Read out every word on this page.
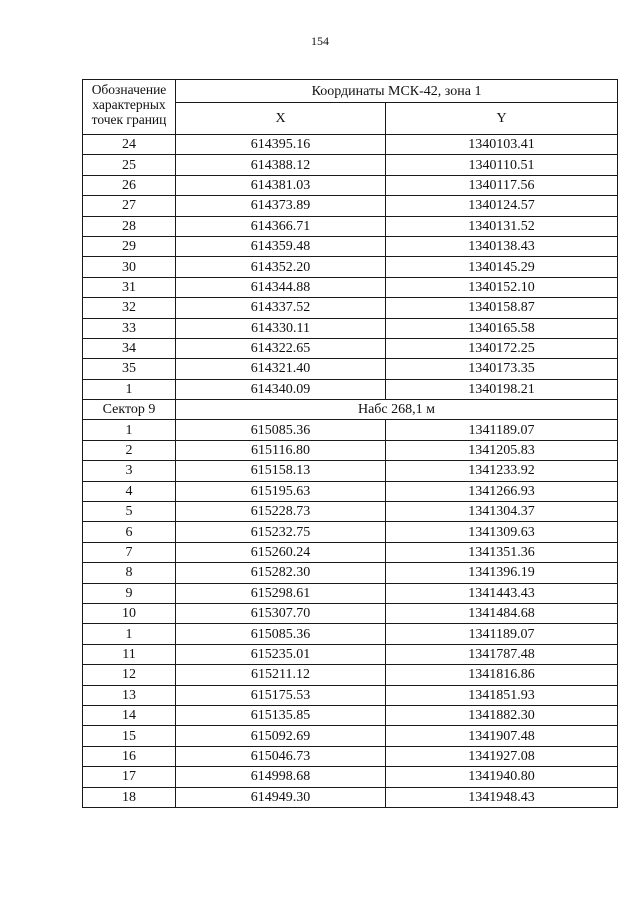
154
Обозначение характерных точек границ	Координаты МСК-42, зона 1	
	X	Y
24	614395.16	1340103.41
25	614388.12	1340110.51
26	614381.03	1340117.56
27	614373.89	1340124.57
28	614366.71	1340131.52
29	614359.48	1340138.43
30	614352.20	1340145.29
31	614344.88	1340152.10
32	614337.52	1340158.87
33	614330.11	1340165.58
34	614322.65	1340172.25
35	614321.40	1340173.35
1	614340.09	1340198.21
Сектор 9	Набс 268,1 м	
1	615085.36	1341189.07
2	615116.80	1341205.83
3	615158.13	1341233.92
4	615195.63	1341266.93
5	615228.73	1341304.37
6	615232.75	1341309.63
7	615260.24	1341351.36
8	615282.30	1341396.19
9	615298.61	1341443.43
10	615307.70	1341484.68
1	615085.36	1341189.07
11	615235.01	1341787.48
12	615211.12	1341816.86
13	615175.53	1341851.93
14	615135.85	1341882.30
15	615092.69	1341907.48
16	615046.73	1341927.08
17	614998.68	1341940.80
18	614949.30	1341948.43
